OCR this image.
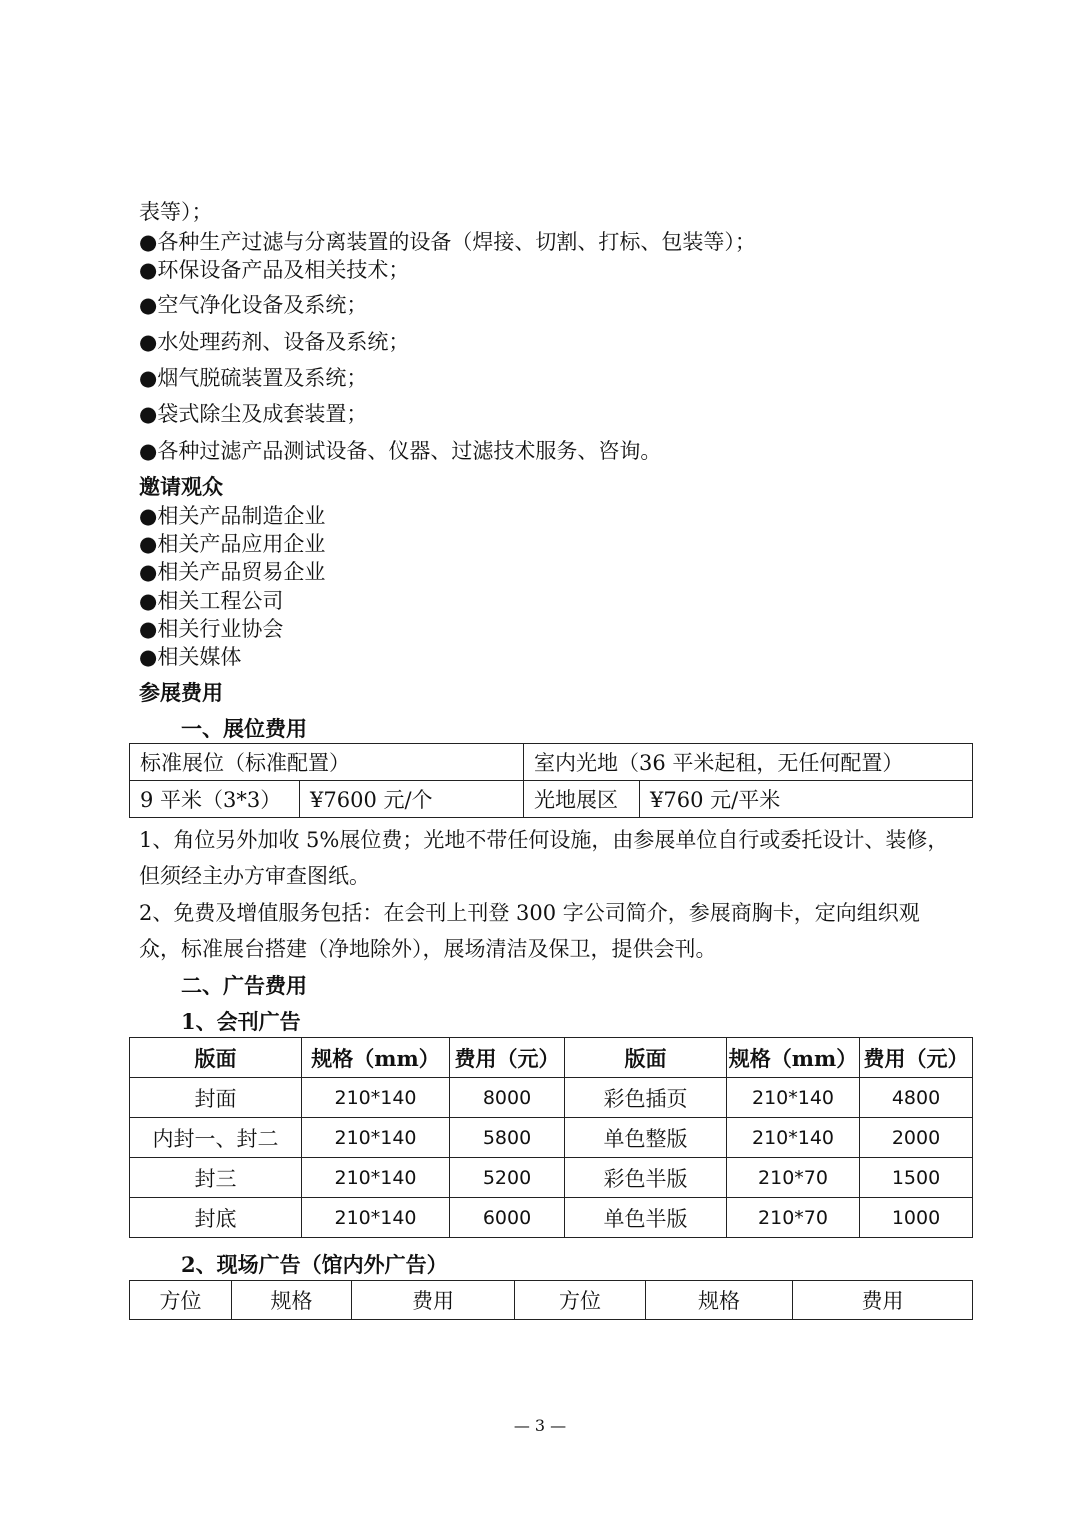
表等）；
●各种生产过滤与分离装置的设备（焊接、切割、打标、包装等）；
●环保设备产品及相关技术；
●空气净化设备及系统；
●水处理药剂、设备及系统；
●烟气脱硫装置及系统；
●袋式除尘及成套装置；
●各种过滤产品测试设备、仪器、过滤技术服务、咨询。
邀请观众
●相关产品制造企业
●相关产品应用企业
●相关产品贸易企业
●相关工程公司
●相关行业协会
●相关媒体
参展费用
一、展位费用
标准展位（标准配置）		室内光地（36 平米起租，无任何配置）	
9 平米（3*3）	¥7600 元/个	光地展区	¥760 元/平米
1、角位另外加收 5%展位费；光地不带任何设施，由参展单位自行或委托设计、装修，
但须经主办方审查图纸。
2、免费及增值服务包括：在会刊上刊登 300 字公司简介，参展商胸卡，定向组织观
众，标准展台搭建（净地除外），展场清洁及保卫，提供会刊。
二、广告费用
1、会刊广告
版面	规格（mm）	费用（元）	版面	规格（mm）	费用（元）
封面	210*140	8000	彩色插页	210*140	4800
内封一、封二	210*140	5800	单色整版	210*140	2000
封三	210*140	5200	彩色半版	210*70	1500
封底	210*140	6000	单色半版	210*70	1000
2、现场广告（馆内外广告）
方位	规格	费用	方位	规格	费用
— 3 —
